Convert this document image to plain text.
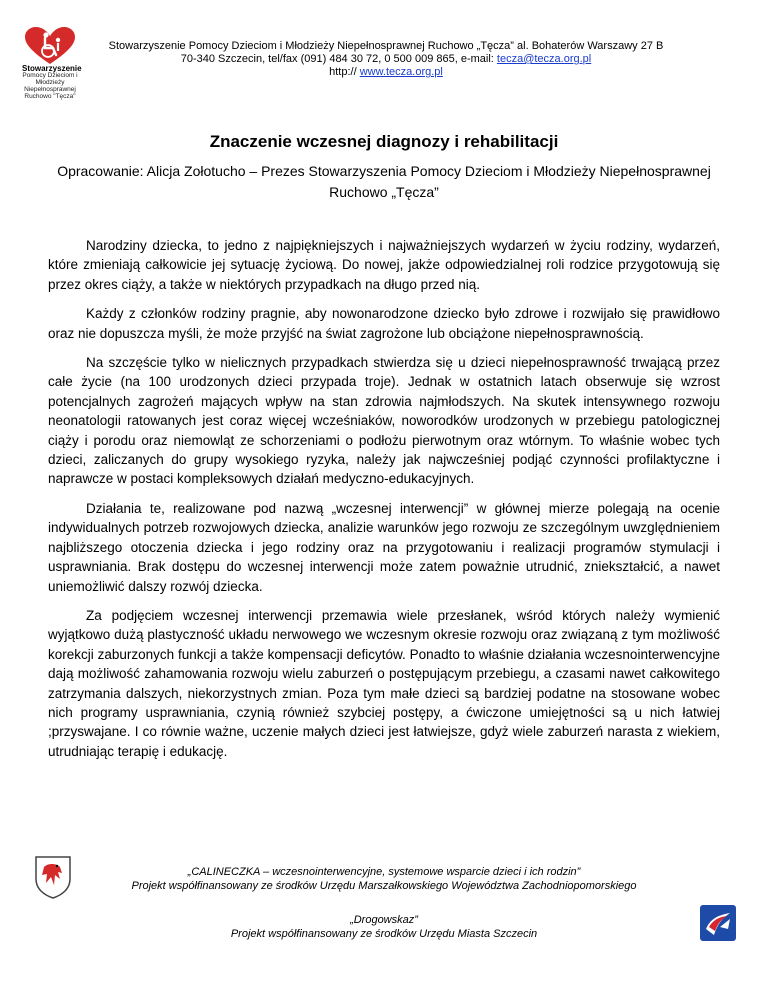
Stowarzyszenie
Pomocy Dzieciom i Młodzieży Niepełnosprawnej Ruchowo "Tęcza"
Stowarzyszenie Pomocy Dzieciom i Młodzieży Niepełnosprawnej Ruchowo „Tęcza” al. Bohaterów Warszawy 27 B
70-340 Szczecin, tel/fax (091) 484 30 72, 0 500 009 865, e-mail: tecza@tecza.org.pl
http:// www.tecza.org.pl
Znaczenie wczesnej diagnozy i rehabilitacji
Opracowanie: Alicja Zołotucho – Prezes Stowarzyszenia Pomocy Dzieciom i Młodzieży Niepełnosprawnej Ruchowo „Tęcza”

Narodziny dziecka, to jedno z najpiękniejszych i najważniejszych wydarzeń w życiu rodziny, wydarzeń, które zmieniają całkowicie jej sytuację życiową. Do nowej, jakże odpowiedzialnej roli rodzice przygotowują się przez okres ciąży, a także w niektórych przypadkach na długo przed nią.

Każdy z członków rodziny pragnie, aby nowonarodzone dziecko było zdrowe i rozwijało się prawidłowo oraz nie dopuszcza myśli, że może przyjść na świat zagrożone lub obciążone niepełnosprawnością.

Na szczęście tylko w nielicznych przypadkach stwierdza się u dzieci niepełnosprawność trwającą przez całe życie (na 100 urodzonych dzieci przypada troje). Jednak w ostatnich latach obserwuje się wzrost potencjalnych zagrożeń mających wpływ na stan zdrowia najmłodszych. Na skutek intensywnego rozwoju neonatologii ratowanych jest coraz więcej wcześniaków, noworodków urodzonych w przebiegu patologicznej ciąży i porodu oraz niemowląt ze schorzeniami o podłożu pierwotnym oraz wtórnym. To właśnie wobec tych dzieci, zaliczanych do grupy wysokiego ryzyka, należy jak najwcześniej podjąć czynności profilaktyczne i naprawcze w postaci kompleksowych działań medyczno-edukacyjnych.

Działania te, realizowane pod nazwą „wczesnej interwencji” w głównej mierze polegają na ocenie indywidualnych potrzeb rozwojowych dziecka, analizie warunków jego rozwoju ze szczególnym uwzględnieniem najbliższego otoczenia dziecka i jego rodziny oraz na przygotowaniu i realizacji programów stymulacji i usprawniania. Brak dostępu do wczesnej interwencji może zatem poważnie utrudnić, zniekształcić, a nawet uniemożliwić dalszy rozwój dziecka.

Za podjęciem wczesnej interwencji przemawia wiele przesłanek, wśród których należy wymienić wyjątkowo dużą plastyczność układu nerwowego we wczesnym okresie rozwoju oraz związaną z tym możliwość korekcji zaburzonych funkcji a także kompensacji deficytów. Ponadto to właśnie działania wczesnointerwencyjne dają możliwość zahamowania rozwoju wielu zaburzeń o postępującym przebiegu, a czasami nawet całkowitego zatrzymania dalszych, niekorzystnych zmian. Poza tym małe dzieci są bardziej podatne na stosowane wobec nich programy usprawniania, czynią również szybciej postępy, a ćwiczone umiejętności są u nich łatwiej ;przyswajane. I co równie ważne, uczenie małych dzieci jest łatwiejsze, gdyż wiele zaburzeń narasta z wiekiem, utrudniając terapię i edukację.

„CALINECZKA – wczesnointerwencyjne, systemowe wsparcie dzieci i ich rodzin”
Projekt współfinansowany ze środków Urzędu Marszałkowskiego Województwa Zachodniopomorskiego
„Drogowskaz”
Projekt współfinansowany ze środków Urzędu Miasta Szczecin
